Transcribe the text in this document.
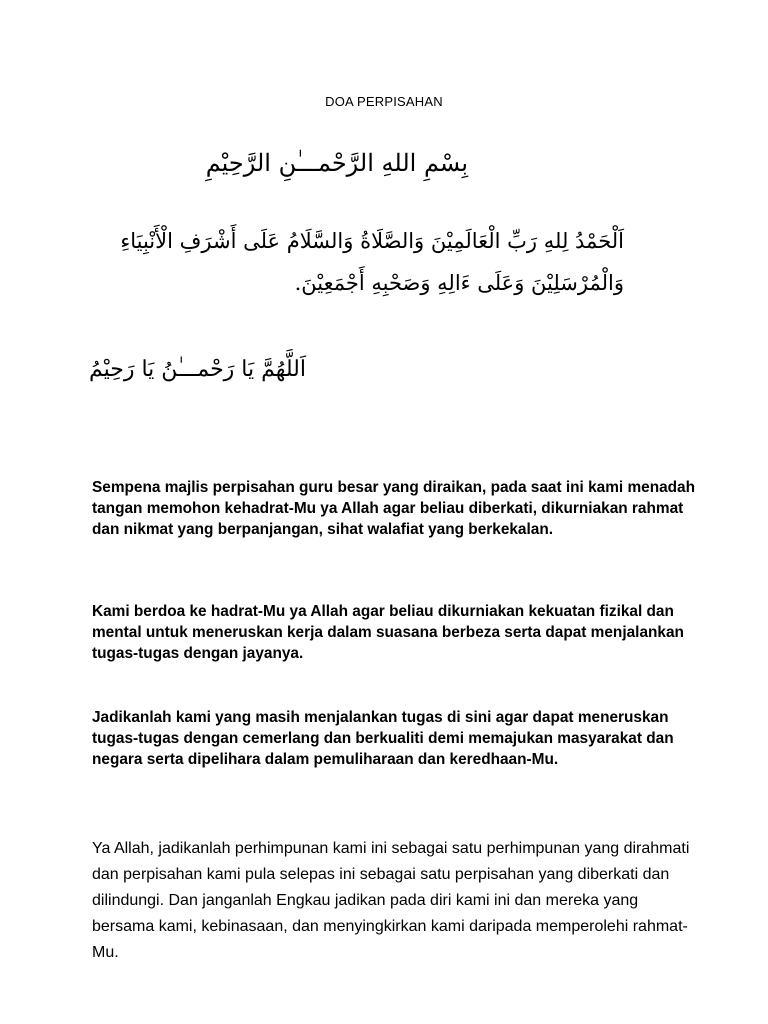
DOA PERPISAHAN
بِسْمِ اللهِ الرَّحْمـــٰنِ الرَّحِيْمِ
اَلْحَمْدُ لِلهِ رَبِّ الْعَالَمِيْنَ وَالصَّلَاةُ وَالسَّلَامُ عَلَى أَشْرَفِ الْأَنْبِيَاءِ
وَالْمُرْسَلِيْنَ وَعَلَى ءَالِهِ وَصَحْبِهِ أَجْمَعِيْنَ.
اَللَّهُمَّ يَا رَحْمـــٰنُ يَا رَحِيْمُ

Sempena majlis perpisahan guru besar yang diraikan, pada saat ini kami menadah tangan memohon kehadrat-Mu ya Allah agar beliau diberkati, dikurniakan rahmat dan nikmat yang berpanjangan, sihat walafiat yang berkekalan.

Kami berdoa ke hadrat-Mu ya Allah agar beliau dikurniakan kekuatan fizikal dan mental untuk meneruskan kerja dalam suasana berbeza serta dapat menjalankan tugas-tugas dengan jayanya.

Jadikanlah kami yang masih menjalankan tugas di sini agar dapat meneruskan tugas-tugas dengan cemerlang dan berkualiti demi memajukan masyarakat dan negara serta dipelihara dalam pemuliharaan dan keredhaan-Mu.

Ya Allah, jadikanlah perhimpunan kami ini sebagai satu perhimpunan yang dirahmati dan perpisahan kami pula selepas ini sebagai satu perpisahan yang diberkati dan dilindungi. Dan janganlah Engkau jadikan pada diri kami ini dan mereka yang bersama kami, kebinasaan, dan menyingkirkan kami daripada memperolehi rahmat-Mu.
